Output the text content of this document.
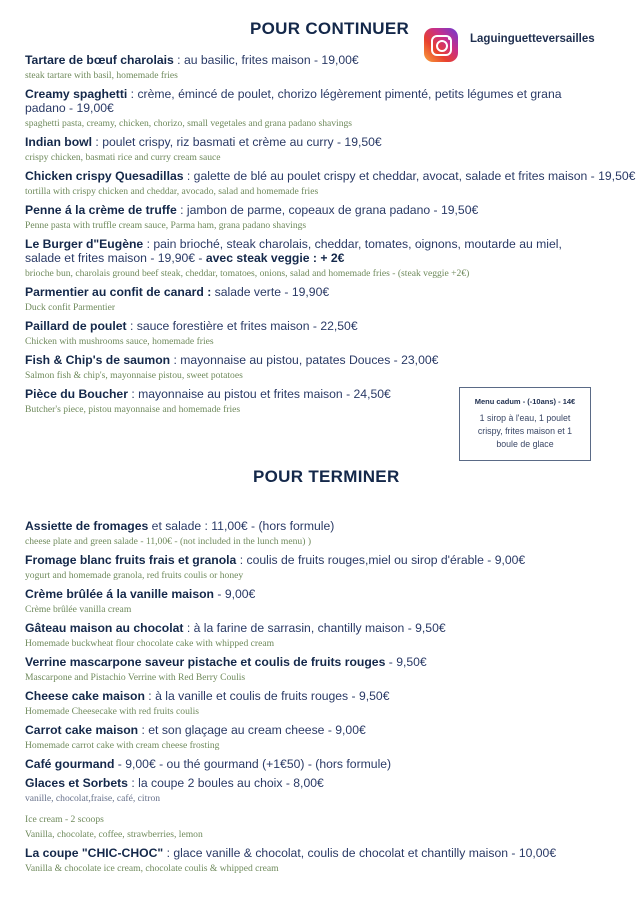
POUR CONTINUER
Tartare de bœuf charolais : au basilic, frites maison - 19,00€
steak tartare with basil, homemade fries
Creamy spaghetti : crème, émincé de poulet, chorizo légèrement pimenté, petits légumes et grana padano - 19,00€
spaghetti pasta, creamy, chicken, chorizo, small vegetales and grana padano shavings
Indian bowl : poulet crispy, riz basmati et crème au curry - 19,50€
crispy chicken, basmati rice and curry cream sauce
Chicken crispy Quesadillas : galette de blé au poulet crispy et cheddar, avocat, salade et frites maison - 19,50€
tortilla with crispy chicken and cheddar, avocado, salad and homemade fries
Penne á la crème de truffe : jambon de parme, copeaux de grana padano - 19,50€
Penne pasta with truffle cream sauce, Parma ham, grana padano shavings
Le Burger d"Eugène : pain brioché, steak charolais, cheddar, tomates, oignons, moutarde au miel, salade et frites maison - 19,90€ - avec steak veggie : + 2€
brioche bun, charolais ground beef steak, cheddar, tomatoes, onions, salad and homemade fries - (steak veggie +2€)
Parmentier au confit de canard : salade verte - 19,90€
Duck confit Parmentier
Paillard de poulet : sauce forestière et frites maison - 22,50€
Chicken with mushrooms sauce, homemade fries
Fish & Chip's de saumon : mayonnaise au pistou, patates Douces - 23,00€
Salmon fish & chip's, mayonnaise pistou, sweet potatoes
Pièce du Boucher : mayonnaise au pistou et frites maison - 24,50€
Butcher's piece, pistou mayonnaise and homemade fries
POUR TERMINER
Assiette de fromages et salade : 11,00€ - (hors formule)
cheese plate and green salade - 11,00€ - (not included in the lunch menu) )
Fromage blanc fruits frais et granola : coulis de fruits rouges,miel ou sirop d'érable - 9,00€
yogurt and homemade granola, red fruits coulis or honey
Crème brûlée á la vanille maison - 9,00€
Crème brûlée vanilla cream
Gâteau maison au chocolat : à la farine de sarrasin, chantilly maison - 9,50€
Homemade buckwheat flour chocolate cake with whipped cream
Verrine mascarpone saveur pistache et coulis de fruits rouges - 9,50€
Mascarpone and Pistachio Verrine with Red Berry Coulis
Cheese cake maison : à la vanille et coulis de fruits rouges - 9,50€
Homemade Cheesecake with red fruits coulis
Carrot cake maison : et son glaçage au cream cheese - 9,00€
Homemade carrot cake with cream cheese frosting
Café gourmand - 9,00€ - ou thé gourmand (+1€50) - (hors formule)
Glaces et Sorbets : la coupe 2 boules au choix - 8,00€
vanille, chocolat,fraise, café, citron
Ice cream - 2 scoops
Vanilla, chocolate, coffee, strawberries, lemon
La coupe "CHIC-CHOC" : glace vanille & chocolat, coulis de chocolat et chantilly maison - 10,00€
Vanilla & chocolate ice cream, chocolate coulis & whipped cream
Laguinguetteversailles
Menu cadum - (-10ans) - 14€
1 sirop à l'eau, 1 poulet crispy, frites maison et 1 boule de glace
